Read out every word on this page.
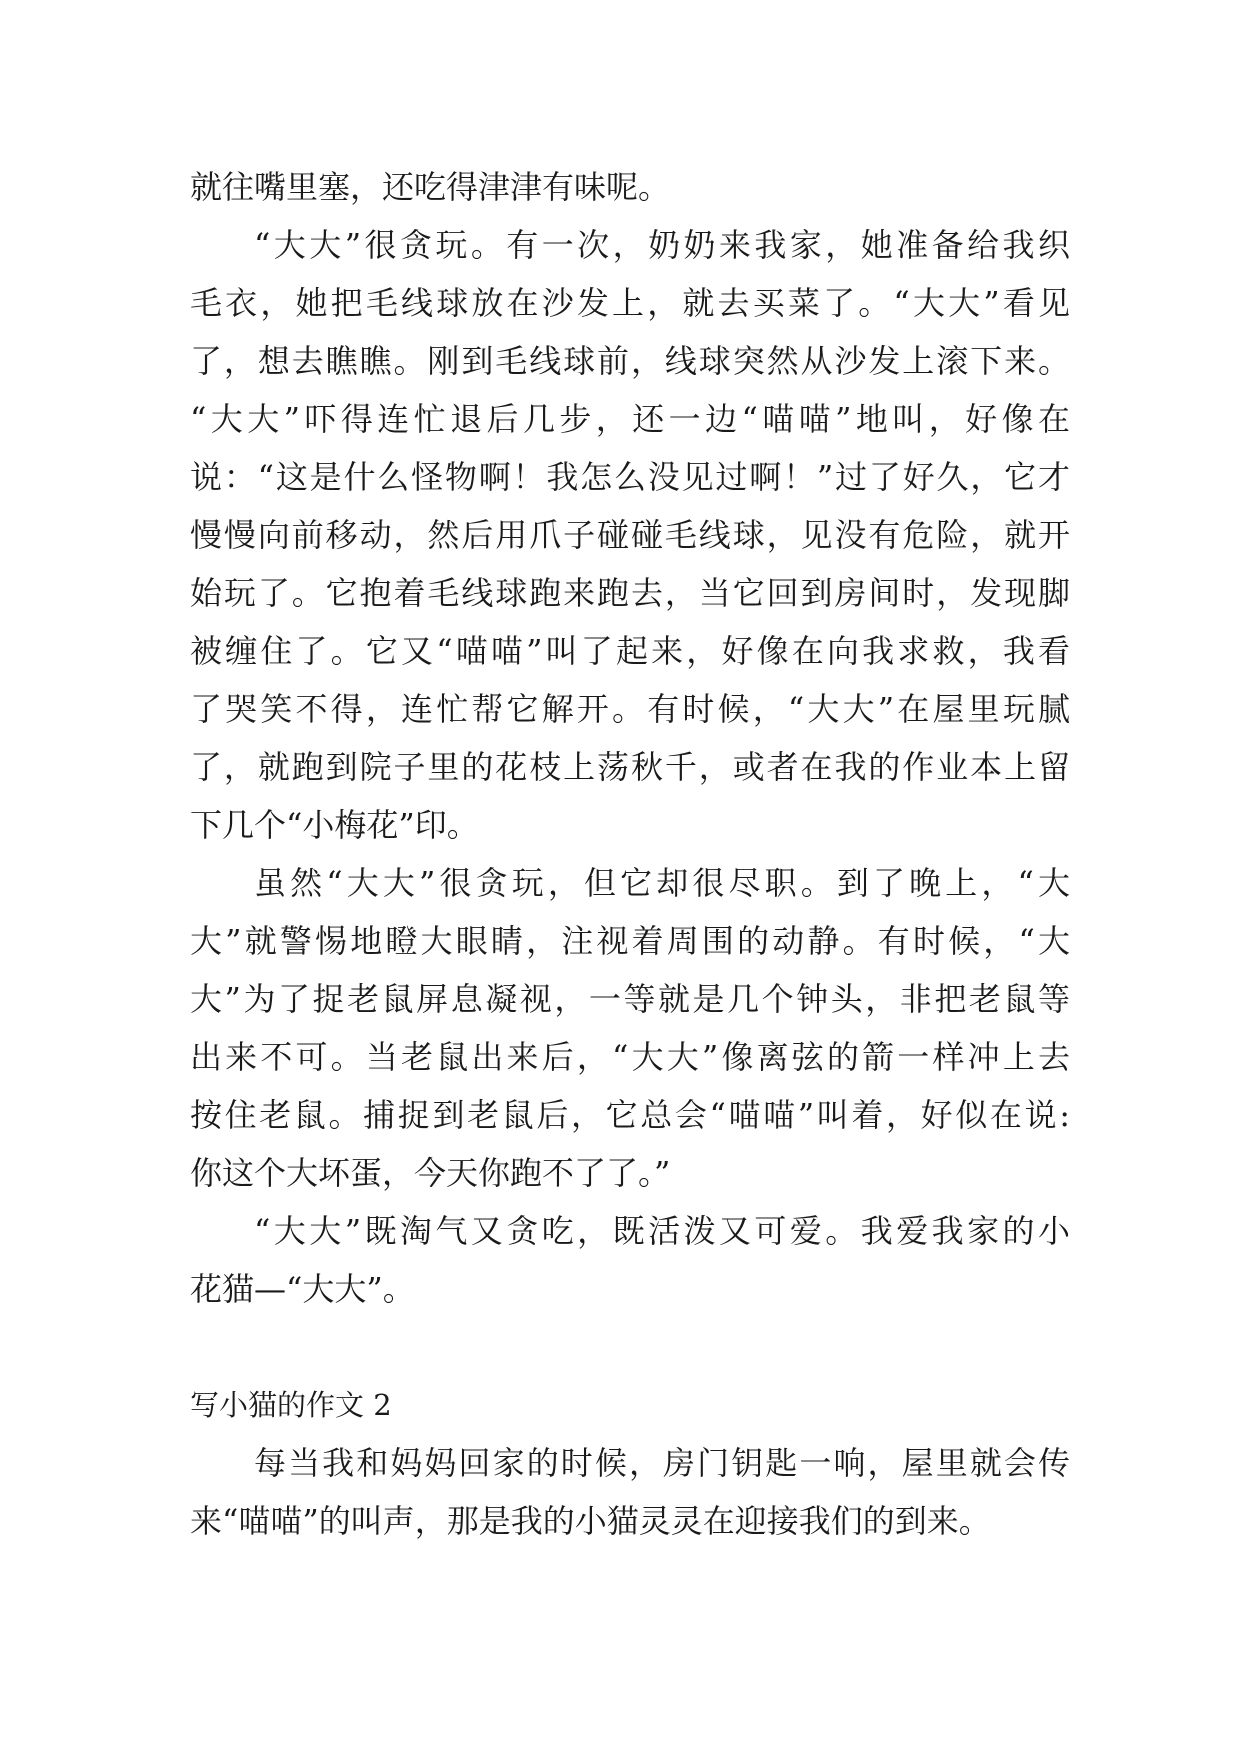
就往嘴里塞，还吃得津津有味呢。
“大大”很贪玩。有一次，奶奶来我家，她准备给我织
毛衣，她把毛线球放在沙发上，就去买菜了。“大大”看见
了，想去瞧瞧。刚到毛线球前，线球突然从沙发上滚下来。
“大大”吓得连忙退后几步，还一边“喵喵”地叫，好像在
说：“这是什么怪物啊！我怎么没见过啊！”过了好久，它才
慢慢向前移动，然后用爪子碰碰毛线球，见没有危险，就开
始玩了。它抱着毛线球跑来跑去，当它回到房间时，发现脚
被缠住了。它又“喵喵”叫了起来，好像在向我求救，我看
了哭笑不得，连忙帮它解开。有时候，“大大”在屋里玩腻
了，就跑到院子里的花枝上荡秋千，或者在我的作业本上留
下几个“小梅花”印。
虽然“大大”很贪玩，但它却很尽职。到了晚上，“大
大”就警惕地瞪大眼睛，注视着周围的动静。有时候，“大
大”为了捉老鼠屏息凝视，一等就是几个钟头，非把老鼠等
出来不可。当老鼠出来后，“大大”像离弦的箭一样冲上去
按住老鼠。捕捉到老鼠后，它总会“喵喵”叫着，好似在说:
你这个大坏蛋，今天你跑不了了。”
“大大”既淘气又贪吃，既活泼又可爱。我爱我家的小
花猫—“大大”。
写小猫的作文 2
每当我和妈妈回家的时候，房门钥匙一响，屋里就会传
来“喵喵”的叫声，那是我的小猫灵灵在迎接我们的到来。
